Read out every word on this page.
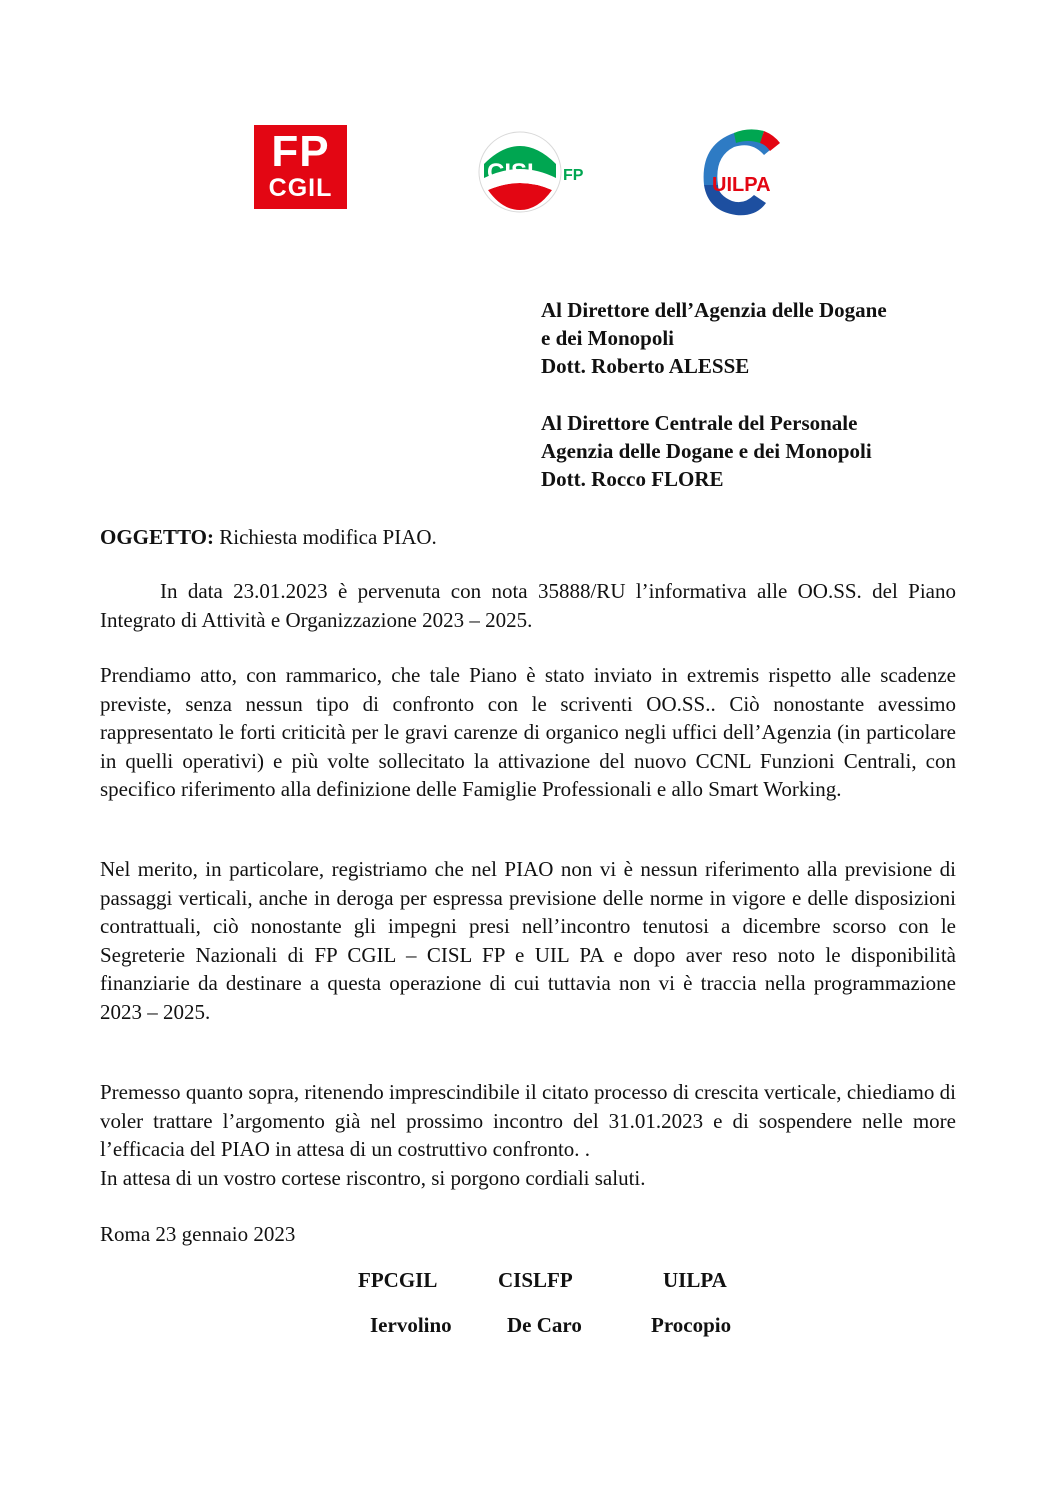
FP
CGIL
CISL FP	UILPA
Al Direttore dell’Agenzia delle Dogane
e dei Monopoli
Dott. Roberto ALESSE
Al Direttore Centrale del Personale
Agenzia delle Dogane e dei Monopoli
Dott. Rocco FLORE
OGGETTO: Richiesta modifica PIAO.
In data 23.01.2023 è pervenuta con nota 35888/RU l’informativa alle OO.SS. del Piano Integrato di Attività e Organizzazione 2023 – 2025.
Prendiamo atto, con rammarico, che tale Piano è stato inviato in extremis rispetto alle scadenze previste, senza nessun tipo di confronto con le scriventi OO.SS.. Ciò nonostante avessimo rappresentato le forti criticità per le gravi carenze di organico negli uffici dell’Agenzia (in particolare in quelli operativi) e più volte sollecitato la attivazione del nuovo CCNL Funzioni Centrali, con specifico riferimento alla definizione delle Famiglie Professionali e allo Smart Working.
Nel merito, in particolare, registriamo che nel PIAO non vi è nessun riferimento alla previsione di passaggi verticali, anche in deroga per espressa previsione delle norme in vigore e delle disposizioni contrattuali, ciò nonostante gli impegni presi nell’incontro tenutosi a dicembre scorso con le Segreterie Nazionali di FP CGIL – CISL FP e UIL PA e dopo aver reso noto le disponibilità finanziarie da destinare a questa operazione di cui tuttavia non vi è traccia nella programmazione 2023 – 2025.
Premesso quanto sopra, ritenendo imprescindibile il citato processo di crescita verticale, chiediamo di voler trattare l’argomento già nel prossimo incontro del 31.01.2023 e di sospendere nelle more l’efficacia del PIAO in attesa di un costruttivo confronto. .
In attesa di un vostro cortese riscontro, si porgono cordiali saluti.
Roma 23 gennaio 2023
FPCGIL	CISLFP	UILPA
Iervolino	De Caro	Procopio
